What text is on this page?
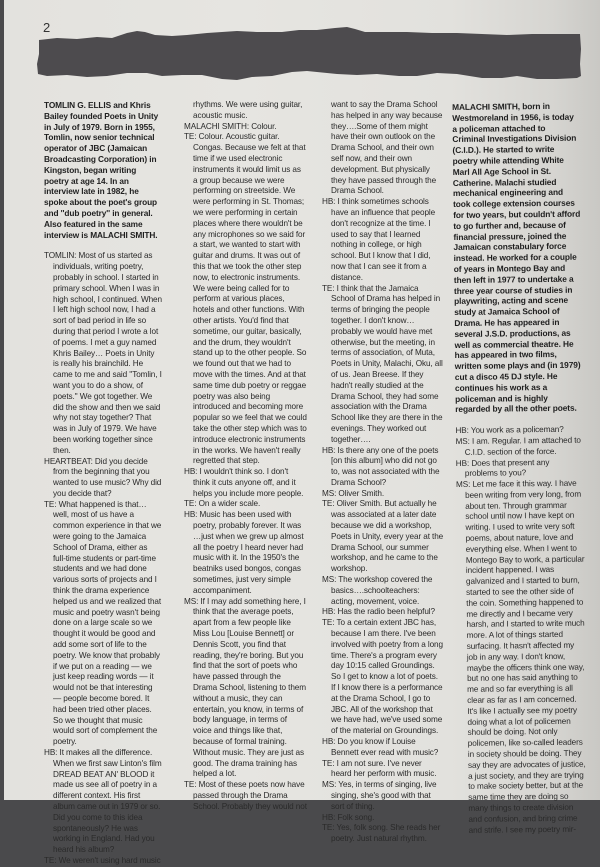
2

TOMLIN G. ELLIS and Khris Bailey founded Poets in Unity in July of 1979. Born in 1955, Tomlin, now senior technical operator of JBC (Jamaican Broadcasting Corporation) in Kingston, began writing poetry at age 14. In an interview late in 1982, he spoke about the poet's group and ''dub poetry'' in general. Also featured in the same interview is MALACHI SMITH.

TOMLIN: Most of us started as individuals, writing poetry, probably in school. I started in primary school. When I was in high school, I continued. When I left high school now, I had a sort of bad period in life so during that period I wrote a lot of poems. I met a guy named Khris Bailey… Poets in Unity is really his brainchild. He came to me and said ''Tomlin, I want you to do a show, of poets.'' We got together. We did the show and then we said why not stay together? That was in July of 1979. We have been working together since then.

HEARTBEAT: Did you decide from the beginning that you wanted to use music? Why did you decide that?

TE: What happened is that…well, most of us have a common experience in that we were going to the Jamaica School of Drama, either as full-time students or part-time students and we had done various sorts of projects and I think the drama experience helped us and we realized that music and poetry wasn't being done on a large scale so we thought it would be good and add some sort of life to the poetry. We know that probably if we put on a reading — we just keep reading words — it would not be that interesting — people become bored. It had been tried other places. So we thought that music would sort of complement the poetry.

HB: It makes all the difference. When we first saw Linton's film DREAD BEAT AN' BLOOD it made us see all of poetry in a different context. His first album came out in 1979 or so. Did you come to this idea spontaneously? He was working in England. Had you heard his album?

TE: We weren't using hard music

rhythms. We were using guitar, acoustic music.

MALACHI SMITH: Colour.

TE: Colour. Acoustic guitar. Congas. Because we felt at that time if we used electronic instruments it would limit us as a group because we were performing on streetside. We were performing in St. Thomas; we were performing in certain places where there wouldn't be any microphones so we said for a start, we wanted to start with guitar and drums. It was out of this that we took the other step now, to electronic instruments. We were being called for to perform at various places, hotels and other functions. With other artists. You'd find that sometime, our guitar, basically, and the drum, they wouldn't stand up to the other people. So we found out that we had to move with the times. And at that same time dub poetry or reggae poetry was also being introduced and becoming more popular so we feel that we could take the other step which was to introduce electronic instruments in the works. We haven't really regretted that step.

HB: I wouldn't think so. I don't think it cuts anyone off, and it helps you include more people.

TE: On a wider scale.

HB: Music has been used with poetry, probably forever. It was …just when we grew up almost all the poetry I heard never had music with it. In the 1950's the beatniks used bongos, congas sometimes, just very simple accompaniment.

MS: If I may add something here, I think that the average poets, apart from a few people like Miss Lou [Louise Bennett] or Dennis Scott, you find that reading, they're boring. But you find that the sort of poets who have passed through the Drama School, listening to them without a music, they can entertain, you know, in terms of body language, in terms of voice and things like that, because of formal training. Without music. They are just as good. The drama training has helped a lot.

TE: Most of these poets now have passed through the Drama School. Probably they would not

want to say the Drama School has helped in any way because they….Some of them might have their own outlook on the Drama School, and their own self now, and their own development. But physically they have passed through the Drama School.

HB: I think sometimes schools have an influence that people don't recognize at the time. I used to say that I learned nothing in college, or high school. But I know that I did, now that I can see it from a distance.

TE: I think that the Jamaica School of Drama has helped in terms of bringing the people together. I don't know…probably we would have met otherwise, but the meeting, in terms of association, of Muta, Poets in Unity, Malachi, Oku, all of us. Jean Breese. If they hadn't really studied at the Drama School, they had some association with the Drama School like they are there in the evenings. They worked out together….

HB: Is there any one of the poets [on this album] who did not go to, was not associated with the Drama School?

MS: Oliver Smith.

TE: Oliver Smith. But actually he was associated at a later date because we did a workshop, Poets in Unity, every year at the Drama School, our summer workshop, and he came to the workshop.

MS: The workshop covered the basics….schoolteachers: acting, movement, voice.

HB: Has the radio been helpful?

TE: To a certain extent JBC has, because I am there. I've been involved with poetry from a long time. There's a program every day 10:15 called Groundings. So I get to know a lot of poets. If I know there is a performance at the Drama School, I go to JBC. All of the workshop that we have had, we've used some of the material on Groundings.

HB: Do you know if Louise Bennett ever read with music?

TE: I am not sure. I've never heard her perform with music.

MS: Yes, in terms of singing, live singing, she's good with that sort of thing.

HB: Folk song.

TE: Yes, folk song. She reads her poetry. Just natural rhythm.

MALACHI SMITH, born in Westmoreland in 1956, is today a policeman attached to Criminal Investigations Division (C.I.D.). He started to write poetry while attending White Marl All Age School in St. Catherine. Malachi studied mechanical engineering and took college extension courses for two years, but couldn't afford to go further and, because of financial pressure, joined the Jamaican constabulary force instead. He worked for a couple of years in Montego Bay and then left in 1977 to undertake a three year course of studies in playwriting, acting and scene study at Jamaica School of Drama. He has appeared in several J.S.D. productions, as well as commercial theatre. He has appeared in two films, written some plays and (in 1979) cut a disco 45 DJ style. He continues his work as a policeman and is highly regarded by all the other poets.

HB: You work as a policeman?

MS: I am. Regular. I am attached to C.I.D. section of the force.

HB: Does that present any problems to you?

MS: Let me face it this way. I have been writing from very long, from about ten. Through grammar school until now I have kept on writing. I used to write very soft poems, about nature, love and everything else. When I went to Montego Bay to work, a particular incident happened. I was galvanized and I started to burn, started to see the other side of the coin. Something happened to me directly and I became very harsh, and I started to write much more. A lot of things started surfacing. It hasn't affected my job in any way. I don't know, maybe the officers think one way, but no one has said anything to me and so far everything is all clear as far as I am concerned. It's like I actually see my poetry doing what a lot of policemen should be doing. Not only policemen, like so-called leaders in society should be doing. They say they are advocates of justice, a just society, and they are trying to make society better, but at the same time they are doing so many things to create division and confusion, and bring crime and strife. I see my poetry mir-
